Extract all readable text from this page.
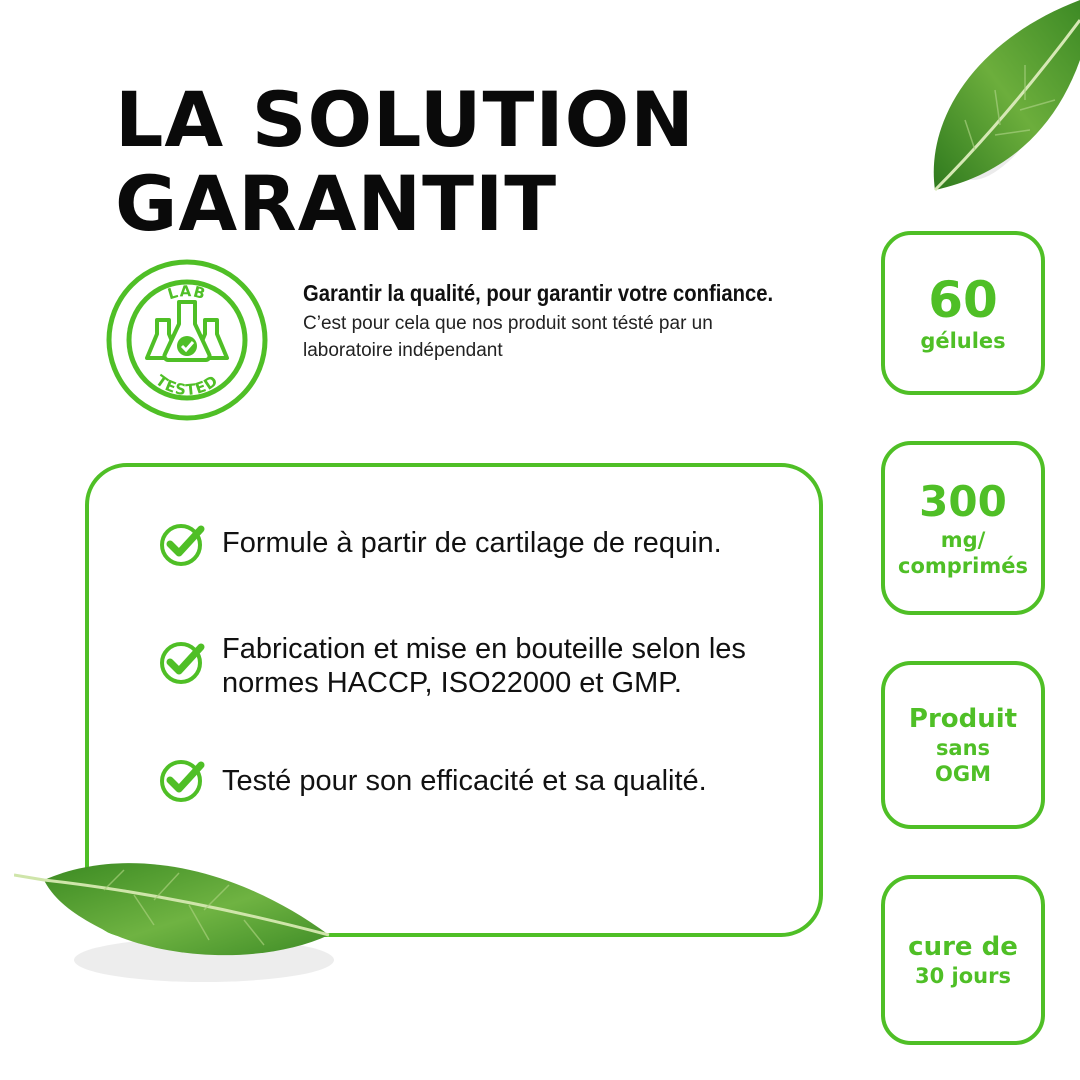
LA SOLUTION
GARANTIT
LAB
TESTED
Garantir la qualité, pour garantir votre confiance.
C’est pour cela que nos produit sont tésté par un laboratoire indépendant
Formule à partir de cartilage de requin.
Fabrication et mise en bouteille selon les normes HACCP, ISO22000 et GMP.
Testé pour son efficacité et sa qualité.
60
gélules
300
mg/
comprimés
Produit
sans
OGM
cure de
30 jours
